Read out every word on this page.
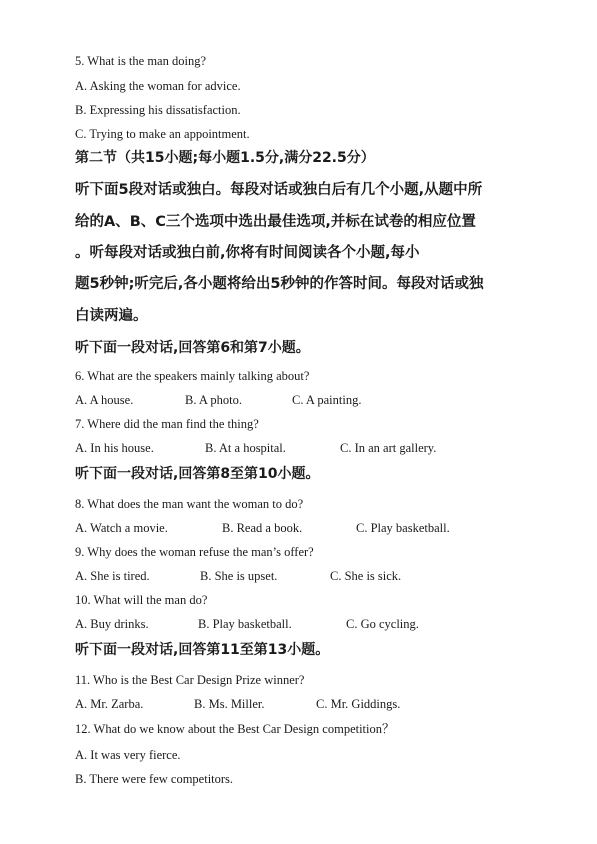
5. What is the man doing?
A. Asking the woman for advice.
B. Expressing his dissatisfaction.
C. Trying to make an appointment.
第二节（共15小题;每小题1.5分,满分22.5分）
听下面5段对话或独白。每段对话或独白后有几个小题,从题中所
给的A、B、C三个选项中选出最佳选项,并标在试卷的相应位置
。听每段对话或独白前,你将有时间阅读各个小题,每小
题5秒钟;听完后,各小题将给出5秒钟的作答时间。每段对话或独
白读两遍。
听下面一段对话,回答第6和第7小题。
6. What are the speakers mainly talking about?
A. A house.	B. A photo.	C. A painting.
7. Where did the man find the thing?
A. In his house.	B. At a hospital.	C. In an art gallery.
听下面一段对话,回答第8至第10小题。
8. What does the man want the woman to do?
A. Watch a movie.	B. Read a book.	C. Play basketball.
9. Why does the woman refuse the man’s offer?
A. She is tired.	B. She is upset.	C. She is sick.
10. What will the man do?
A. Buy drinks.	B. Play basketball.	C. Go cycling.
听下面一段对话,回答第11至第13小题。
11. Who is the Best Car Design Prize winner?
A. Mr. Zarba.	B. Ms. Miller.	C. Mr. Giddings.
12. What do we know about the Best Car Design competition？
A. It was very fierce.
B. There were few competitors.
